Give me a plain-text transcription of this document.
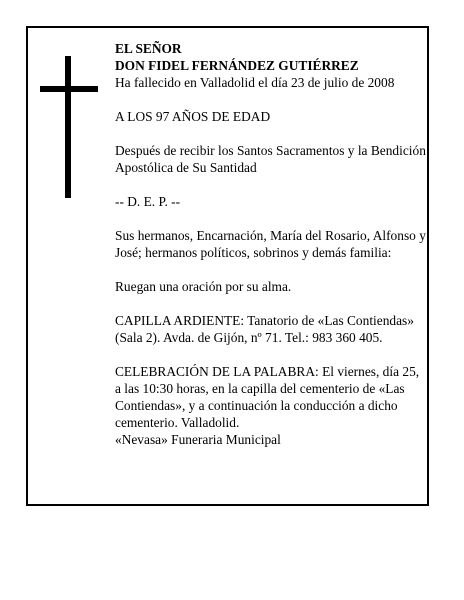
EL SEÑOR

DON FIDEL FERNÁNDEZ GUTIÉRREZ

Ha fallecido en Valladolid el día 23 de julio de 2008

A LOS 97 AÑOS DE EDAD

Después de recibir los Santos Sacramentos y la Bendición Apostólica de Su Santidad

-- D. E. P. --

Sus hermanos, Encarnación, María del Rosario, Alfonso y José; hermanos políticos, sobrinos y demás familia:

Ruegan una oración por su alma.

CAPILLA ARDIENTE: Tanatorio de «Las Contiendas» (Sala 2). Avda. de Gijón, nº 71. Tel.: 983 360 405.

CELEBRACIÓN DE LA PALABRA: El viernes, día 25, a las 10:30 horas, en la capilla del cementerio de «Las Contiendas», y a continuación la conducción a dicho cementerio. Valladolid.

«Nevasa» Funeraria Municipal
